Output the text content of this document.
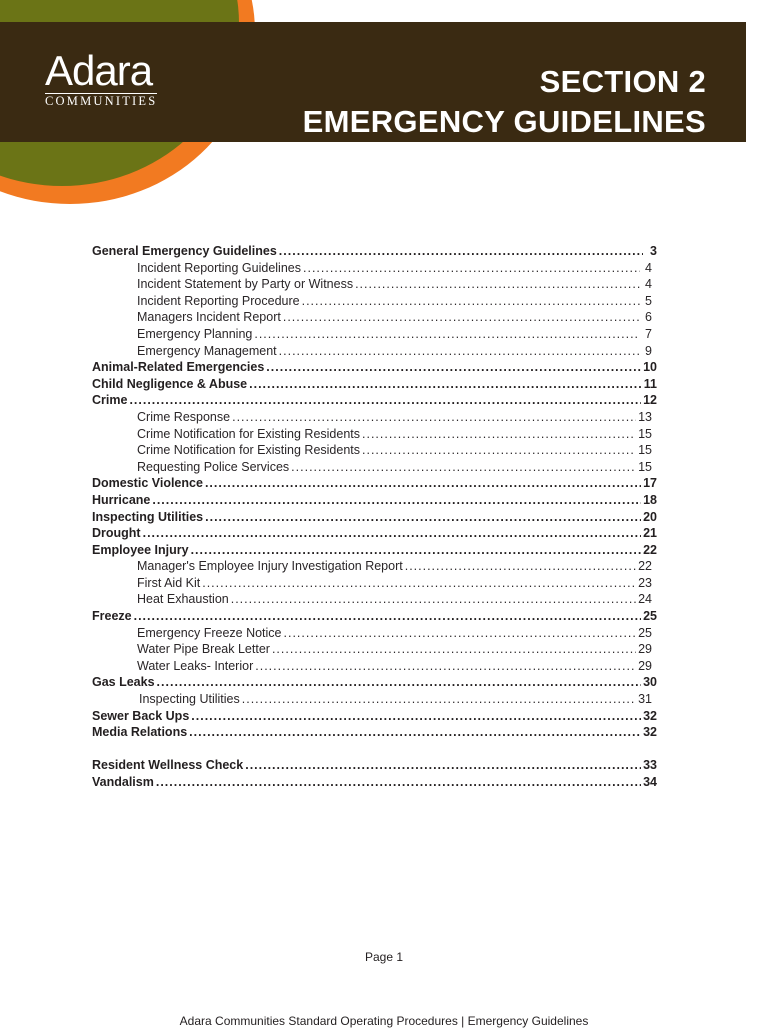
SECTION 2
EMERGENCY GUIDELINES
Adara
COMMUNITIES
General Emergency Guidelines .....	3
Incident Reporting Guidelines .....	4
Incident Statement by Party or Witness .....	4
Incident Reporting Procedure .....	5
Managers Incident Report .....	6
Emergency Planning .....	7
Emergency Management .....	9
Animal-Related Emergencies .....	10
Child Negligence & Abuse .....	11
Crime .....	12
Crime Response .....	13
Crime Notification for Existing Residents .....	15
Crime Notification for Existing Residents .....	15
Requesting Police Services .....	15
Domestic Violence .....	17
Hurricane .....	18
Inspecting Utilities .....	20
Drought .....	21
Employee Injury .....	22
Manager's Employee Injury Investigation Report .....	22
First Aid Kit .....	23
Heat Exhaustion .....	24
Freeze .....	25
Emergency Freeze Notice .....	25
Water Pipe Break Letter .....	29
Water Leaks- Interior .....	29
Gas Leaks .....	30
Inspecting Utilities .....	31
Sewer Back Ups .....	32
Media Relations .....	32
Resident Wellness Check .....	33
Vandalism .....	34
Page 1
Adara Communities Standard Operating Procedures | Emergency Guidelines
